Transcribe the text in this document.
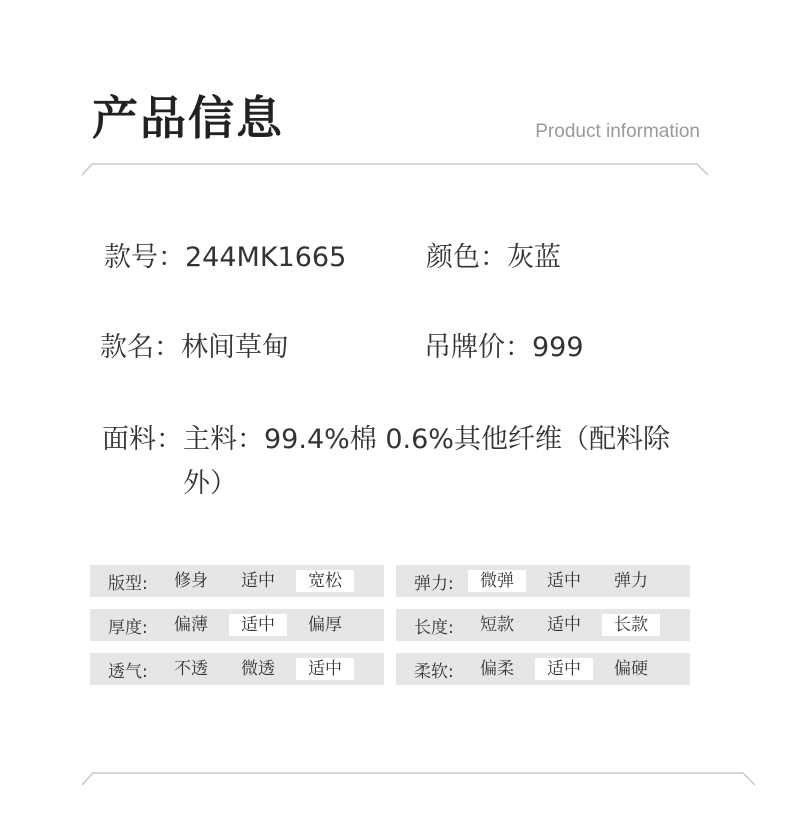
产品信息	Product information
款号：244MK1665	颜色：灰蓝
款名：林间草甸	吊牌价：999
面料： 主料：99.4%棉 0.6%其他纤维（配料除外）
版型:	修身	适中	宽松	弹力:	微弹	适中	弹力
厚度:	偏薄	适中	偏厚	长度:	短款	适中	长款
透气:	不透	微透	适中	柔软:	偏柔	适中	偏硬
